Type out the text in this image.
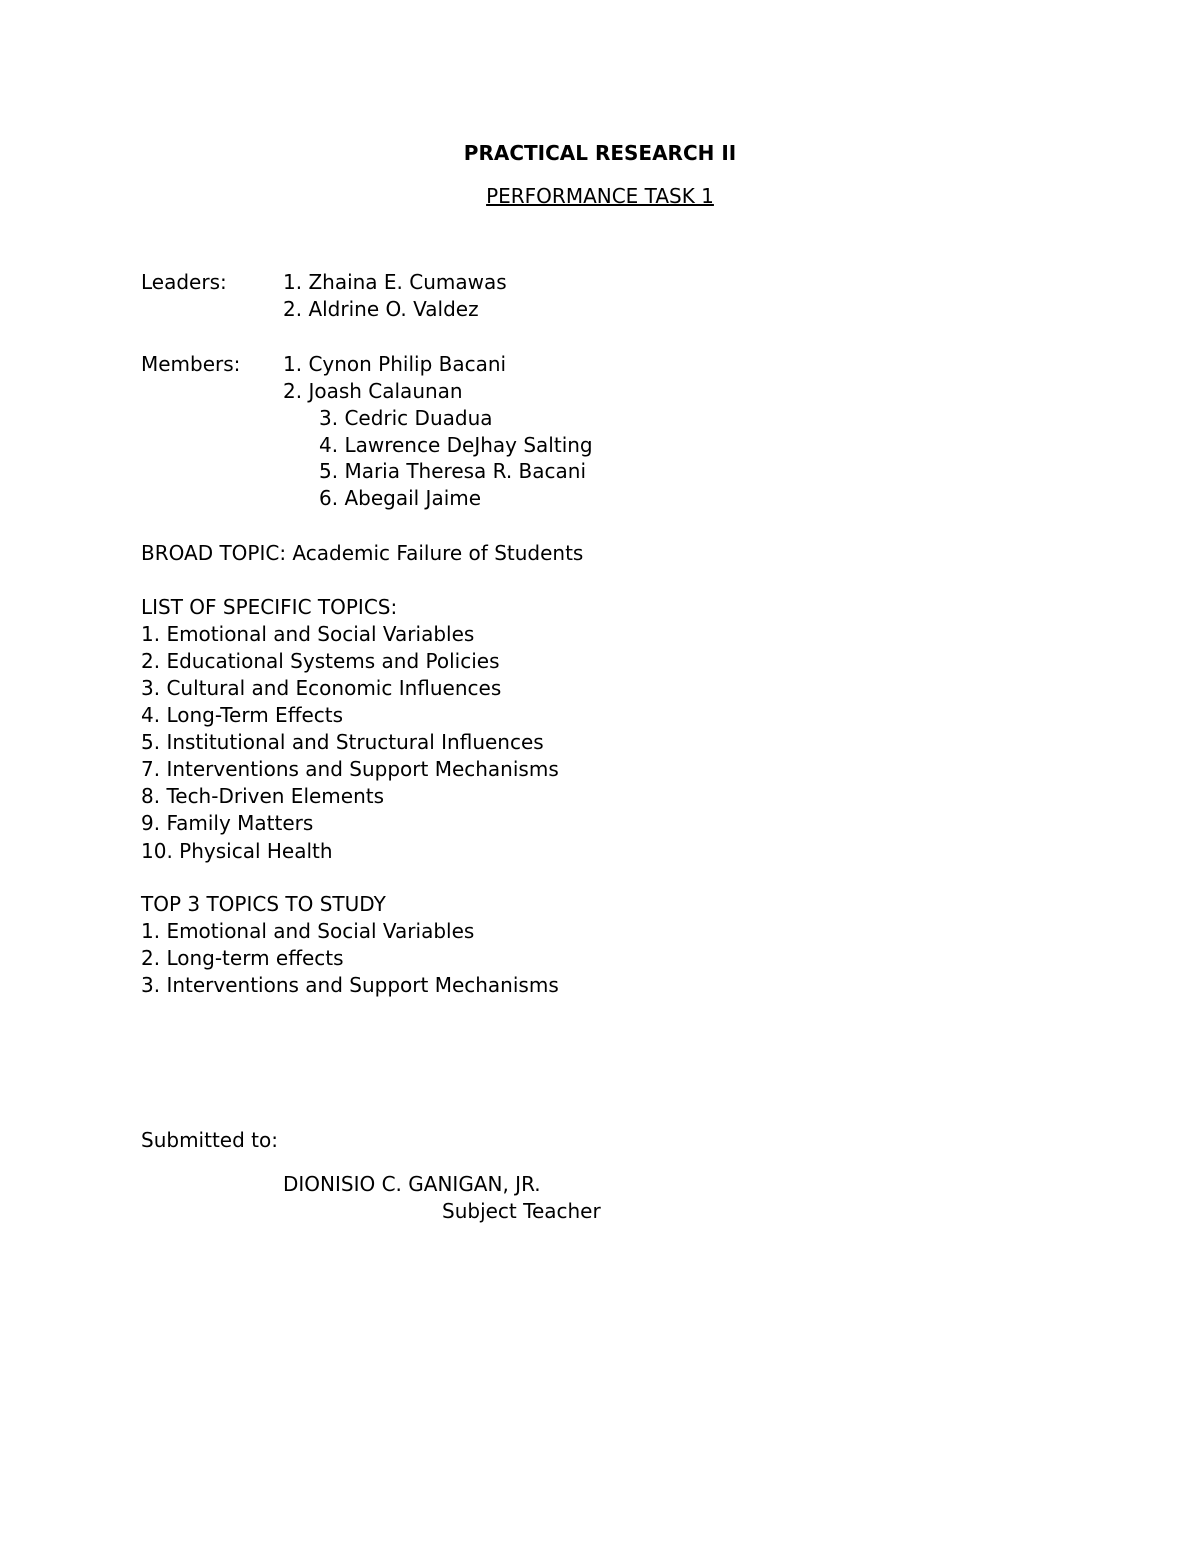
PRACTICAL RESEARCH II
PERFORMANCE TASK 1
Leaders:	1. Zhaina E. Cumawas
2. Aldrine O. Valdez
Members: 1. Cynon Philip Bacani
2. Joash Calaunan
3. Cedric Duadua
4. Lawrence DeJhay Salting
5. Maria Theresa R. Bacani
6. Abegail Jaime
BROAD TOPIC: Academic Failure of Students
LIST OF SPECIFIC TOPICS:
1. Emotional and Social Variables
2. Educational Systems and Policies
3. Cultural and Economic Influences
4. Long-Term Effects
5. Institutional and Structural Influences
7. Interventions and Support Mechanisms
8. Tech-Driven Elements
9. Family Matters
10. Physical Health
TOP 3 TOPICS TO STUDY
1. Emotional and Social Variables
2. Long-term effects
3. Interventions and Support Mechanisms
Submitted to:
DIONISIO C. GANIGAN, JR.
Subject Teacher
